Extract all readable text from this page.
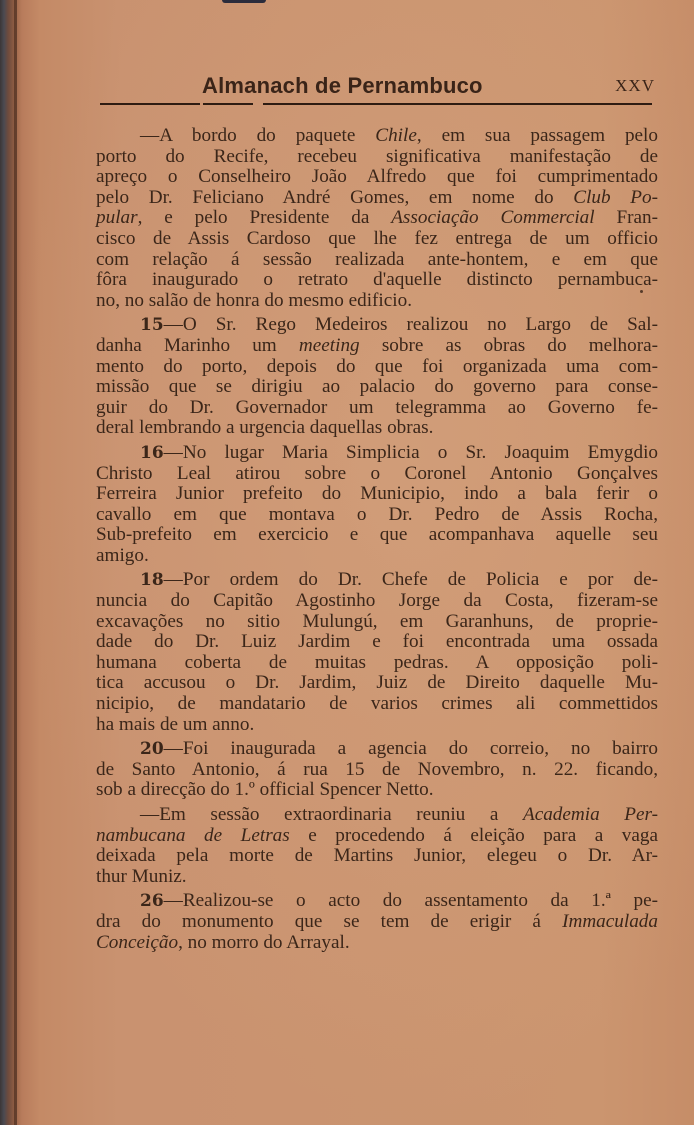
Almanach de Pernambuco	XXV
—A bordo do paquete Chile, em sua passagem pelo
porto do Recife, recebeu significativa manifestação de
apreço o Conselheiro João Alfredo que foi cumprimentado
pelo Dr. Feliciano André Gomes, em nome do Club Po-
pular, e pelo Presidente da Associação Commercial Fran-
cisco de Assis Cardoso que lhe fez entrega de um officio
com relação á sessão realizada ante-hontem, e em que
fôra inaugurado o retrato d'aquelle distincto pernambuca-
no, no salão de honra do mesmo edificio.
15—O Sr. Rego Medeiros realizou no Largo de Sal-
danha Marinho um meeting sobre as obras do melhora-
mento do porto, depois do que foi organizada uma com-
missão que se dirigiu ao palacio do governo para conse-
guir do Dr. Governador um telegramma ao Governo fe-
deral lembrando a urgencia daquellas obras.
16—No lugar Maria Simplicia o Sr. Joaquim Emygdio
Christo Leal atirou sobre o Coronel Antonio Gonçalves
Ferreira Junior prefeito do Municipio, indo a bala ferir o
cavallo em que montava o Dr. Pedro de Assis Rocha,
Sub-prefeito em exercicio e que acompanhava aquelle seu
amigo.
18—Por ordem do Dr. Chefe de Policia e por de-
nuncia do Capitão Agostinho Jorge da Costa, fizeram-se
excavações no sitio Mulungú, em Garanhuns, de proprie-
dade do Dr. Luiz Jardim e foi encontrada uma ossada
humana coberta de muitas pedras. A opposição poli-
tica accusou o Dr. Jardim, Juiz de Direito daquelle Mu-
nicipio, de mandatario de varios crimes ali commettidos
ha mais de um anno.
20—Foi inaugurada a agencia do correio, no bairro
de Santo Antonio, á rua 15 de Novembro, n. 22. ficando,
sob a direcção do 1.º official Spencer Netto.
—Em sessão extraordinaria reuniu a Academia Per-
nambucana de Letras e procedendo á eleição para a vaga
deixada pela morte de Martins Junior, elegeu o Dr. Ar-
thur Muniz.
26—Realizou-se o acto do assentamento da 1.ª pe-
dra do monumento que se tem de erigir á Immaculada
Conceição, no morro do Arrayal.
